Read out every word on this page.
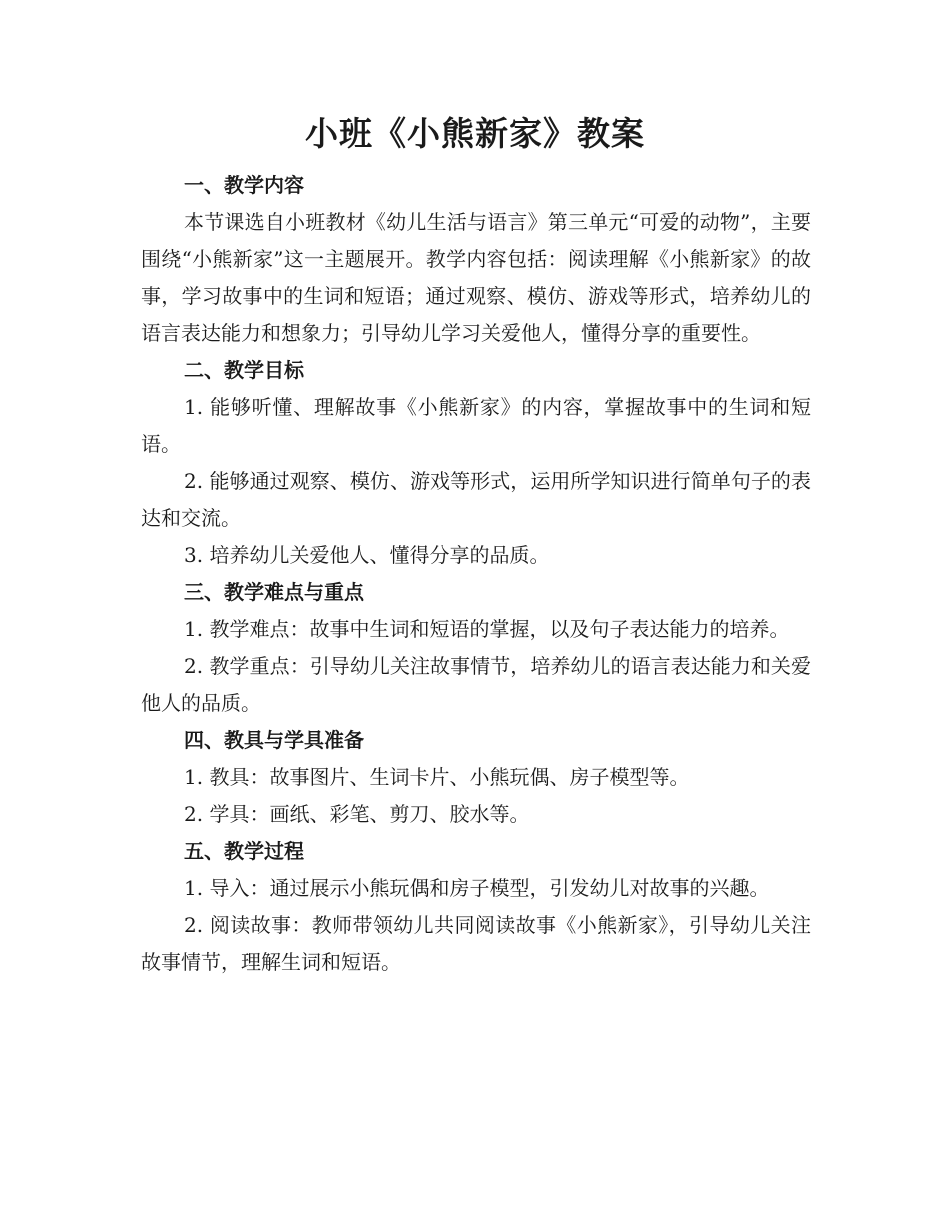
小班《小熊新家》教案
一、教学内容

本节课选自小班教材《幼儿生活与语言》第三单元“可爱的动物”，主要围绕“小熊新家”这一主题展开。教学内容包括：阅读理解《小熊新家》的故事，学习故事中的生词和短语；通过观察、模仿、游戏等形式，培养幼儿的语言表达能力和想象力；引导幼儿学习关爱他人，懂得分享的重要性。

二、教学目标

1. 能够听懂、理解故事《小熊新家》的内容，掌握故事中的生词和短语。

2. 能够通过观察、模仿、游戏等形式，运用所学知识进行简单句子的表达和交流。

3. 培养幼儿关爱他人、懂得分享的品质。

三、教学难点与重点

1. 教学难点：故事中生词和短语的掌握，以及句子表达能力的培养。

2. 教学重点：引导幼儿关注故事情节，培养幼儿的语言表达能力和关爱他人的品质。

四、教具与学具准备

1. 教具：故事图片、生词卡片、小熊玩偶、房子模型等。

2. 学具：画纸、彩笔、剪刀、胶水等。

五、教学过程

1. 导入：通过展示小熊玩偶和房子模型，引发幼儿对故事的兴趣。

2. 阅读故事：教师带领幼儿共同阅读故事《小熊新家》，引导幼儿关注故事情节，理解生词和短语。
